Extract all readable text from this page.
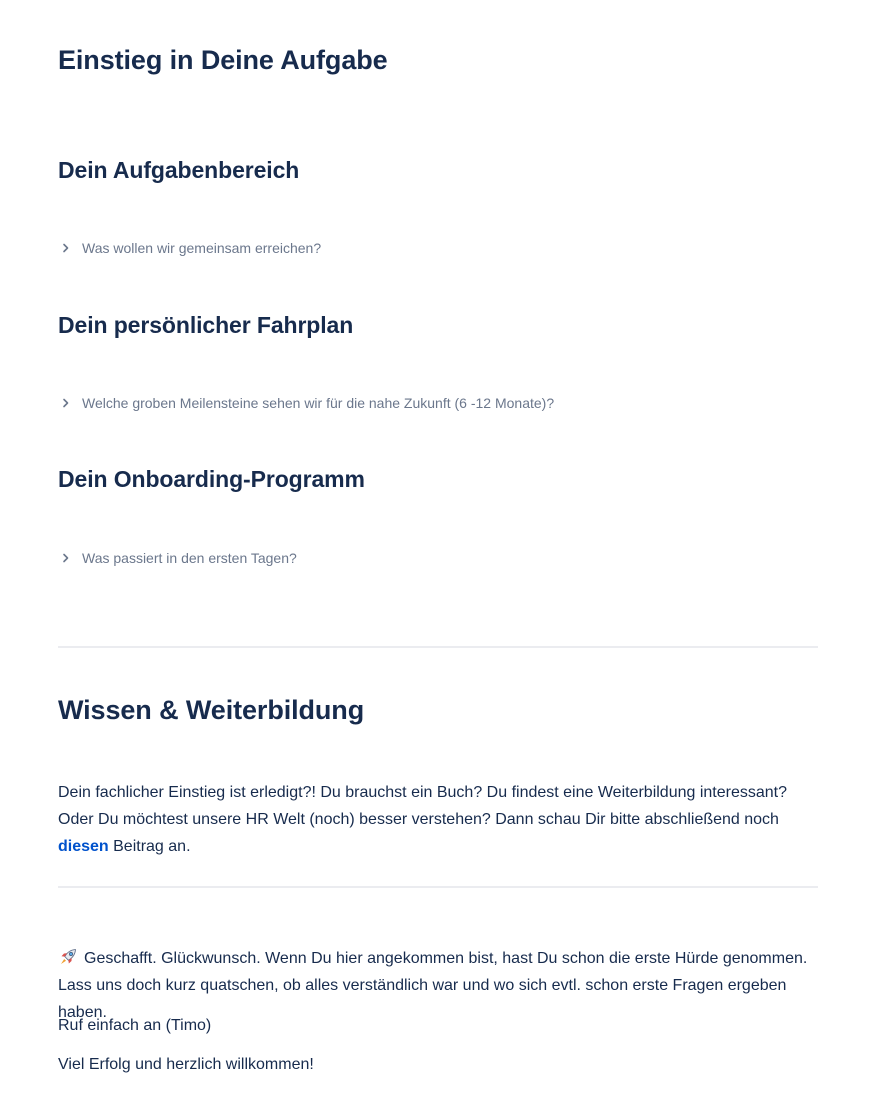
Einstieg in Deine Aufgabe
Dein Aufgabenbereich
Was wollen wir gemeinsam erreichen?
Dein persönlicher Fahrplan
Welche groben Meilensteine sehen wir für die nahe Zukunft (6 -12 Monate)?
Dein Onboarding-Programm
Was passiert in den ersten Tagen?
Wissen & Weiterbildung

Dein fachlicher Einstieg ist erledigt?! Du brauchst ein Buch? Du findest eine Weiterbildung interessant? Oder Du möchtest unsere HR Welt (noch) besser verstehen? Dann schau Dir bitte abschließend noch diesen Beitrag an.

Geschafft. Glückwunsch. Wenn Du hier angekommen bist, hast Du schon die erste Hürde genommen. Lass uns doch kurz quatschen, ob alles verständlich war und wo sich evtl. schon erste Fragen ergeben haben.

Ruf einfach an (Timo)

Viel Erfolg und herzlich willkommen!
